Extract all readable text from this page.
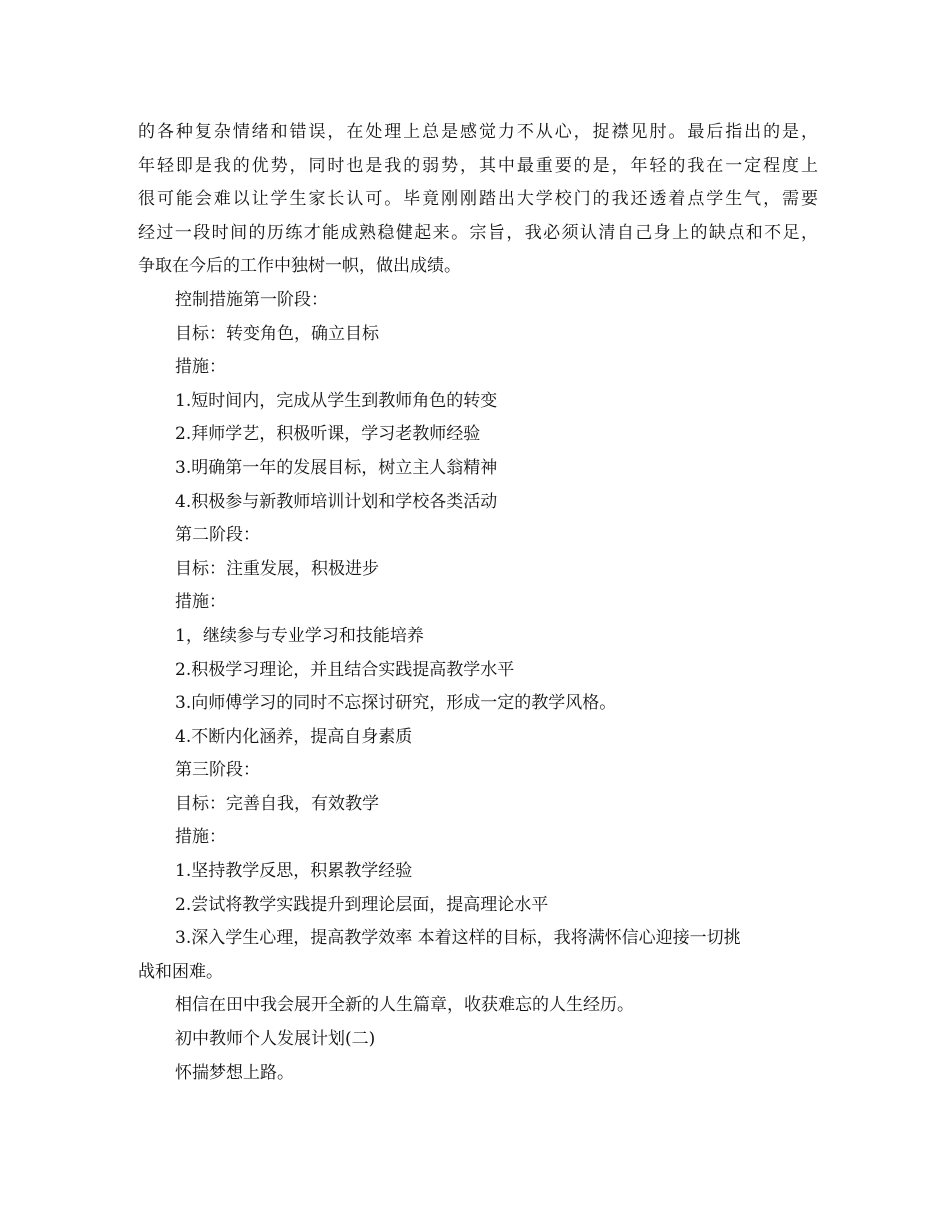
的各种复杂情绪和错误，在处理上总是感觉力不从心，捉襟见肘。最后指出的是，
年轻即是我的优势，同时也是我的弱势，其中最重要的是，年轻的我在一定程度上
很可能会难以让学生家长认可。毕竟刚刚踏出大学校门的我还透着点学生气，需要
经过一段时间的历练才能成熟稳健起来。宗旨，我必须认清自己身上的缺点和不足，
争取在今后的工作中独树一帜，做出成绩。
控制措施第一阶段：
目标：转变角色，确立目标
措施：
1.短时间内，完成从学生到教师角色的转变
2.拜师学艺，积极听课，学习老教师经验
3.明确第一年的发展目标，树立主人翁精神
4.积极参与新教师培训计划和学校各类活动
第二阶段：
目标：注重发展，积极进步
措施：
1，继续参与专业学习和技能培养
2.积极学习理论，并且结合实践提高教学水平
3.向师傅学习的同时不忘探讨研究，形成一定的教学风格。
4.不断内化涵养，提高自身素质
第三阶段：
目标：完善自我，有效教学
措施：
1.坚持教学反思，积累教学经验
2.尝试将教学实践提升到理论层面，提高理论水平
3.深入学生心理，提高教学效率 本着这样的目标，我将满怀信心迎接一切挑
战和困难。
相信在田中我会展开全新的人生篇章，收获难忘的人生经历。
初中教师个人发展计划(二)
怀揣梦想上路。
